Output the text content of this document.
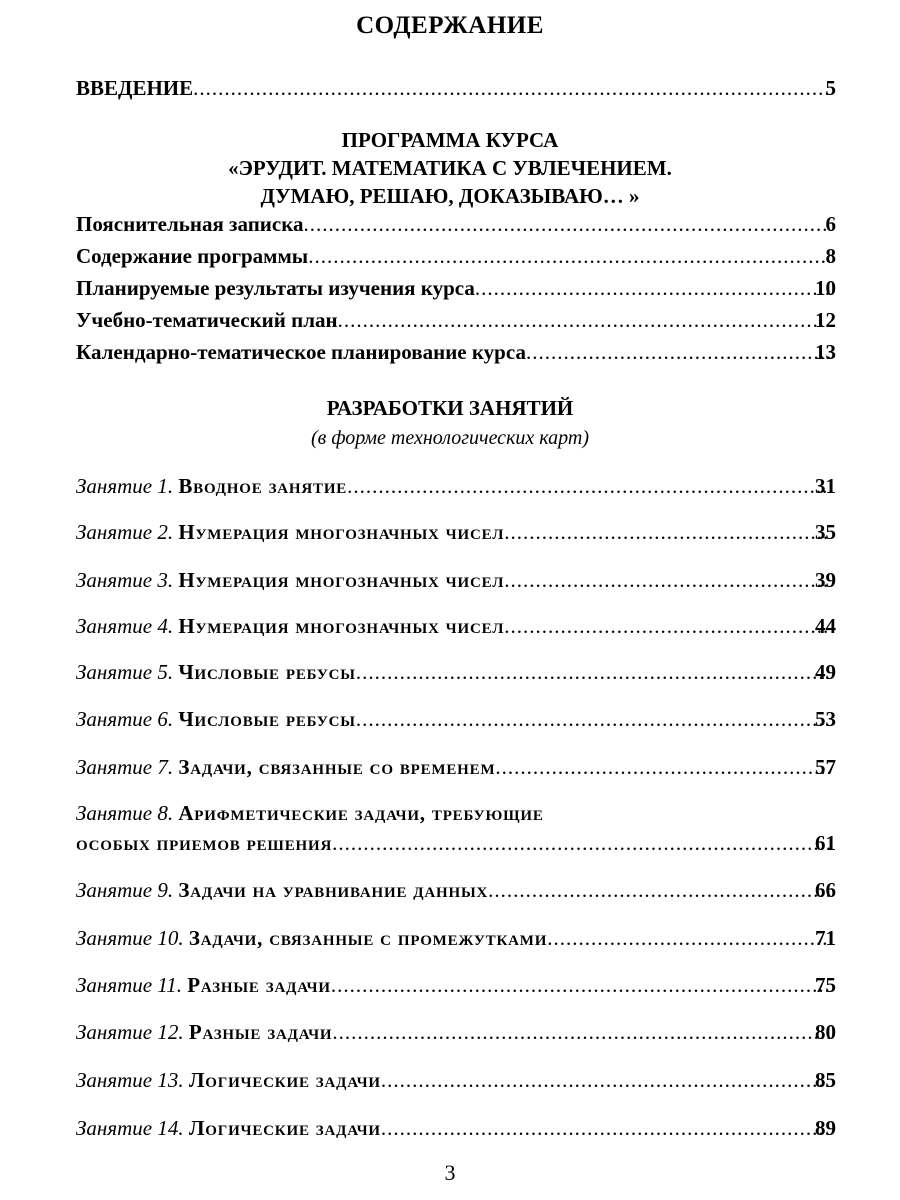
СОДЕРЖАНИЕ
ВВЕДЕНИЕ .....	5
ПРОГРАММА КУРСА
«ЭРУДИТ. МАТЕМАТИКА С УВЛЕЧЕНИЕМ.
ДУМАЮ, РЕШАЮ, ДОКАЗЫВАЮ… »
Пояснительная записка .....	6
Содержание программы .....	8
Планируемые результаты изучения курса .....	10
Учебно-тематический план .....	12
Календарно-тематическое планирование курса .....	13
РАЗРАБОТКИ ЗАНЯТИЙ
(в форме технологических карт)
Занятие 1. Вводное занятие .....	31
Занятие 2. Нумерация многозначных чисел .....	35
Занятие 3. Нумерация многозначных чисел .....	39
Занятие 4. Нумерация многозначных чисел .....	44
Занятие 5. Числовые ребусы .....	49
Занятие 6. Числовые ребусы .....	53
Занятие 7. Задачи, связанные со временем .....	57
Занятие 8. Арифметические задачи, требующие
особых приемов решения .....	61
Занятие 9. Задачи на уравнивание данных .....	66
Занятие 10. Задачи, связанные с промежутками .....	71
Занятие 11. Разные задачи .....	75
Занятие 12. Разные задачи .....	80
Занятие 13. Логические задачи .....	85
Занятие 14. Логические задачи .....	89
3
